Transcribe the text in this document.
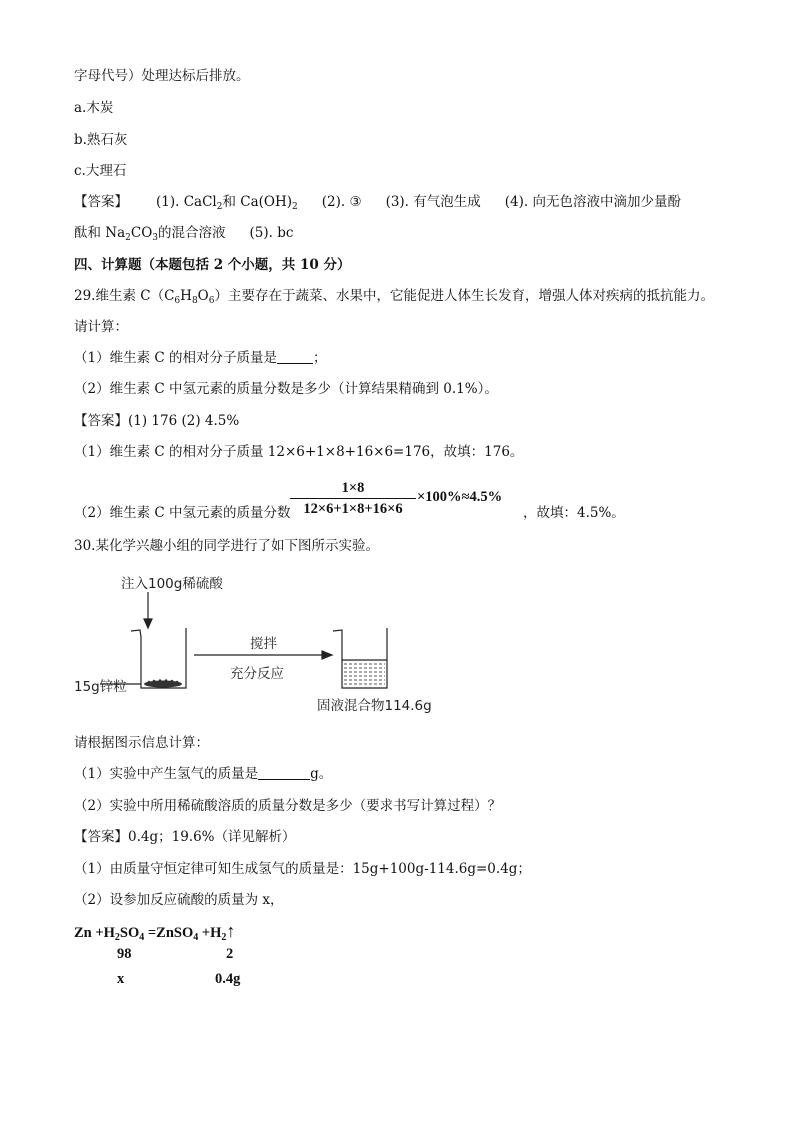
字母代号）处理达标后排放。
a.木炭
b.熟石灰
c.大理石
【答案】 (1). CaCl$_2$和 $Ca(OH)_2$ (2). ③ (3). 有气泡生成 (4). 向无色溶液中滴加少量酚
酞和 $Na_2CO_3$的混合溶液 (5). bc
四、计算题（本题包括 2 个小题，共 10 分）
29.维生素 $C(C_6H_8O_6)$主要存在于蔬菜、水果中，它能促进人体生长发育，增强人体对疾病的抵抗能力。
请计算：
（1）维生素 C 的相对分子质量是	；
（2）维生素 C 中氢元素的质量分数是多少（计算结果精确到 0.1%）。
【答案】(1) 176 (2) 4.5%
（1）维生素 C 的相对分子质量 12×6+1×8+16×6=176，故填：176。
（2）维生素 C 中氢元素的质量分数
1×8
12×6+1×8+16×6
×100%≈4.5%
，故填：4.5%。
30.某化学兴趣小组的同学进行了如下图所示实验。
注入100g稀硫酸
搅拌
充分反应
15g锌粒
固液混合物114.6g
请根据图示信息计算：
（1）实验中产生氢气的质量是	g。
（2）实验中所用稀硫酸溶质的质量分数是多少（要求书写计算过程）？
【答案】0.4g；19.6%（详见解析）
（1）由质量守恒定律可知生成氢气的质量是：15g+100g-114.6g=0.4g；
（2）设参加反应硫酸的质量为 x，
$Zn +H_2SO_4$ =ZnSO$_4$ $+H_2↑$
98	2
x	0.4g
